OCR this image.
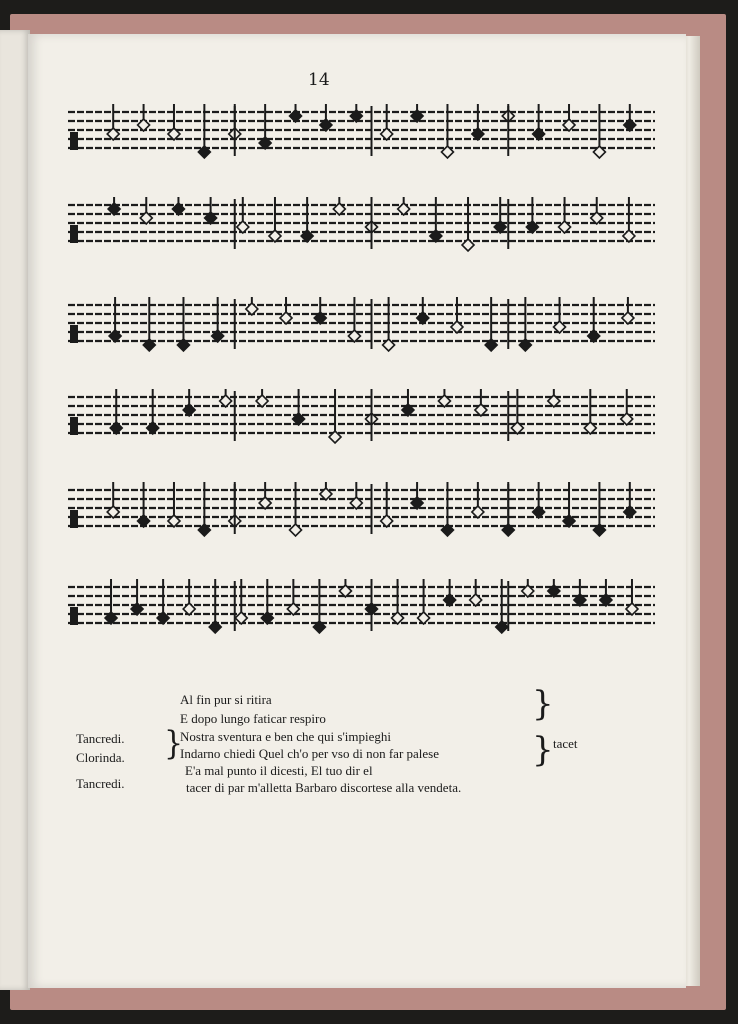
14
Tancredi.
Clorinda.
Tancredi.
}
Al fin pur si ritira
E dopo lungo faticar respiro
Nostra sventura e ben che qui s'impieghi
Indarno chiedi Quel ch'o per vso di non far palese
E'a mal punto il dicesti, El tuo dir el
tacer di par m'alletta Barbaro discortese alla vendeta.
}
} tacet
